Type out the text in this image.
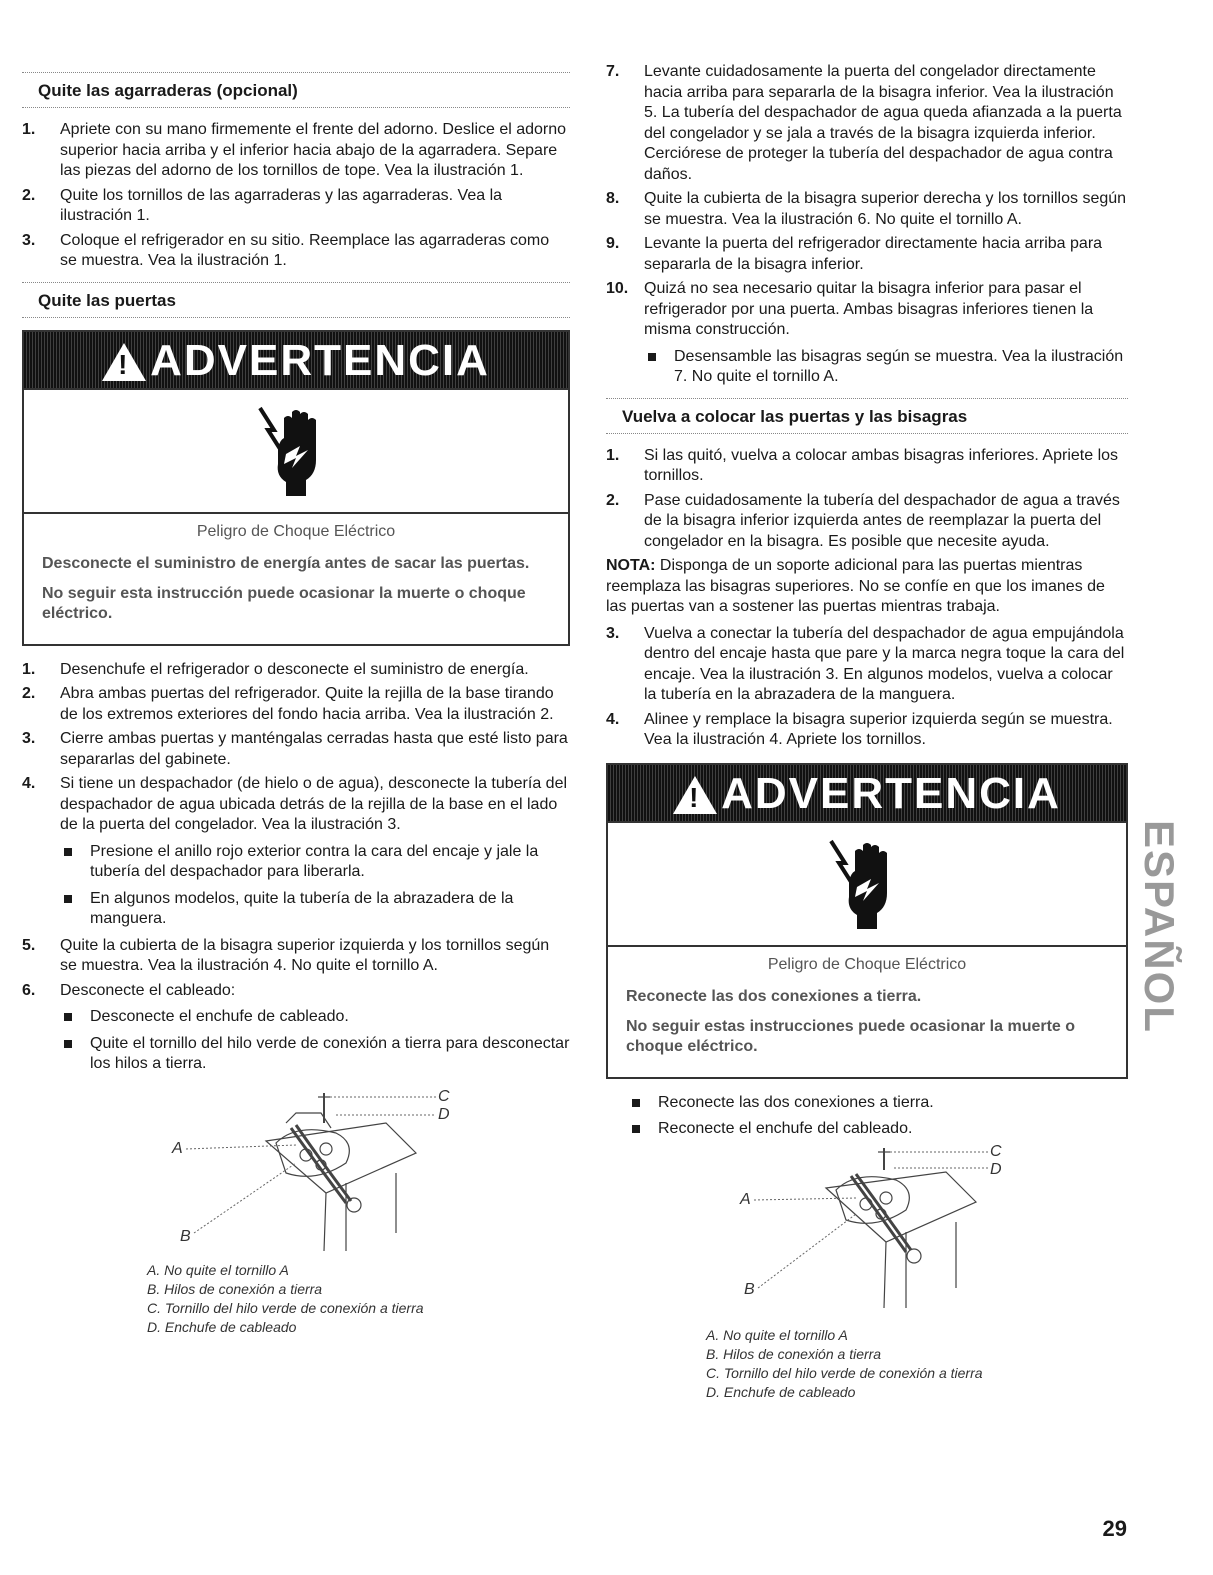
Quite las agarraderas (opcional)
1. Apriete con su mano firmemente el frente del adorno. Deslice el adorno superior hacia arriba y el inferior hacia abajo de la agarradera. Separe las piezas del adorno de los tornillos de tope. Vea la ilustración 1.
2. Quite los tornillos de las agarraderas y las agarraderas. Vea la ilustración 1.
3. Coloque el refrigerador en su sitio. Reemplace las agarraderas como se muestra. Vea la ilustración 1.
Quite las puertas
!ADVERTENCIA
Peligro de Choque Eléctrico

Desconecte el suministro de energía antes de sacar las puertas.

No seguir esta instrucción puede ocasionar la muerte o choque eléctrico.

1. Desenchufe el refrigerador o desconecte el suministro de energía.
2. Abra ambas puertas del refrigerador. Quite la rejilla de la base tirando de los extremos exteriores del fondo hacia arriba. Vea la ilustración 2.
3. Cierre ambas puertas y manténgalas cerradas hasta que esté listo para separarlas del gabinete.
4. Si tiene un despachador (de hielo o de agua), desconecte la tubería del despachador de agua ubicada detrás de la rejilla de la base en el lado de la puerta del congelador. Vea la ilustración 3.
Presione el anillo rojo exterior contra la cara del encaje y jale la tubería del despachador para liberarla.
En algunos modelos, quite la tubería de la abrazadera de la manguera.
5. Quite la cubierta de la bisagra superior izquierda y los tornillos según se muestra. Vea la ilustración 4. No quite el tornillo A.
6. Desconecte el cableado:
Desconecte el enchufe de cableado.
Quite el tornillo del hilo verde de conexión a tierra para desconectar los hilos a tierra.
C
D
A
B
A. No quite el tornillo A
B. Hilos de conexión a tierra
C. Tornillo del hilo verde de conexión a tierra
D. Enchufe de cableado
7. Levante cuidadosamente la puerta del congelador directamente hacia arriba para separarla de la bisagra inferior. Vea la ilustración 5. La tubería del despachador de agua queda afianzada a la puerta del congelador y se jala a través de la bisagra izquierda inferior. Cerciórese de proteger la tubería del despachador de agua contra daños.
8. Quite la cubierta de la bisagra superior derecha y los tornillos según se muestra. Vea la ilustración 6. No quite el tornillo A.
9. Levante la puerta del refrigerador directamente hacia arriba para separarla de la bisagra inferior.
10. Quizá no sea necesario quitar la bisagra inferior para pasar el refrigerador por una puerta. Ambas bisagras inferiores tienen la misma construcción.
Desensamble las bisagras según se muestra. Vea la ilustración 7. No quite el tornillo A.
Vuelva a colocar las puertas y las bisagras
1. Si las quitó, vuelva a colocar ambas bisagras inferiores. Apriete los tornillos.
2. Pase cuidadosamente la tubería del despachador de agua a través de la bisagra inferior izquierda antes de reemplazar la puerta del congelador en la bisagra. Es posible que necesite ayuda.
NOTA: Disponga de un soporte adicional para las puertas mientras reemplaza las bisagras superiores. No se confíe en que los imanes de las puertas van a sostener las puertas mientras trabaja.
3. Vuelva a conectar la tubería del despachador de agua empujándola dentro del encaje hasta que pare y la marca negra toque la cara del encaje. Vea la ilustración 3. En algunos modelos, vuelva a colocar la tubería en la abrazadera de la manguera.
4. Alinee y remplace la bisagra superior izquierda según se muestra. Vea la ilustración 4. Apriete los tornillos.
!ADVERTENCIA
Peligro de Choque Eléctrico

Reconecte las dos conexiones a tierra.

No seguir estas instrucciones puede ocasionar la muerte o choque eléctrico.

Reconecte las dos conexiones a tierra.
Reconecte el enchufe del cableado.
C
D
A
B
A. No quite el tornillo A
B. Hilos de conexión a tierra
C. Tornillo del hilo verde de conexión a tierra
D. Enchufe de cableado
ESPAÑOL
29
